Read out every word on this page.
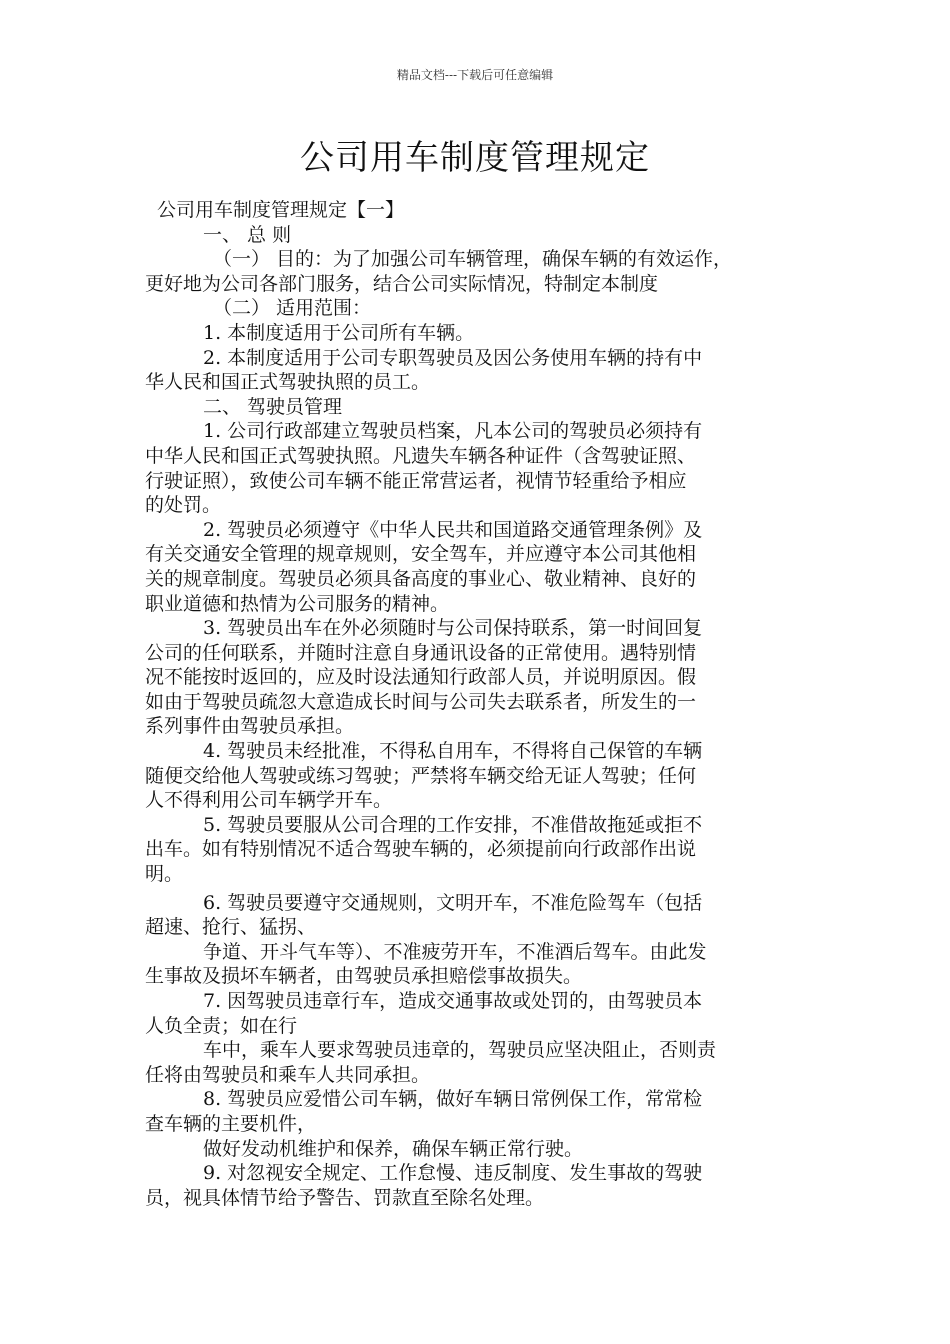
精品文档---下载后可任意编辑
公司用车制度管理规定
公司用车制度管理规定【一】
一、 总 则
（一） 目的：为了加强公司车辆管理，确保车辆的有效运作，
更好地为公司各部门服务，结合公司实际情况，特制定本制度
（二） 适用范围：
1. 本制度适用于公司所有车辆。
2. 本制度适用于公司专职驾驶员及因公务使用车辆的持有中
华人民和国正式驾驶执照的员工。
二、 驾驶员管理
1. 公司行政部建立驾驶员档案，凡本公司的驾驶员必须持有
中华人民和国正式驾驶执照。凡遗失车辆各种证件（含驾驶证照、
行驶证照），致使公司车辆不能正常营运者，视情节轻重给予相应
的处罚。
2. 驾驶员必须遵守《中华人民共和国道路交通管理条例》及
有关交通安全管理的规章规则，安全驾车，并应遵守本公司其他相
关的规章制度。驾驶员必须具备高度的事业心、敬业精神、良好的
职业道德和热情为公司服务的精神。
3. 驾驶员出车在外必须随时与公司保持联系，第一时间回复
公司的任何联系，并随时注意自身通讯设备的正常使用。遇特别情
况不能按时返回的，应及时设法通知行政部人员，并说明原因。假
如由于驾驶员疏忽大意造成长时间与公司失去联系者，所发生的一
系列事件由驾驶员承担。
4. 驾驶员未经批准，不得私自用车，不得将自己保管的车辆
随便交给他人驾驶或练习驾驶；严禁将车辆交给无证人驾驶；任何
人不得利用公司车辆学开车。
5. 驾驶员要服从公司合理的工作安排，不准借故拖延或拒不
出车。如有特别情况不适合驾驶车辆的，必须提前向行政部作出说
明。
6. 驾驶员要遵守交通规则，文明开车，不准危险驾车（包括
超速、抢行、猛拐、
争道、开斗气车等）、不准疲劳开车，不准酒后驾车。由此发
生事故及损坏车辆者，由驾驶员承担赔偿事故损失。
7. 因驾驶员违章行车，造成交通事故或处罚的，由驾驶员本
人负全责；如在行
车中，乘车人要求驾驶员违章的，驾驶员应坚决阻止，否则责
任将由驾驶员和乘车人共同承担。
8. 驾驶员应爱惜公司车辆，做好车辆日常例保工作，常常检
查车辆的主要机件，
做好发动机维护和保养，确保车辆正常行驶。
9. 对忽视安全规定、工作怠慢、违反制度、发生事故的驾驶
员，视具体情节给予警告、罚款直至除名处理。
